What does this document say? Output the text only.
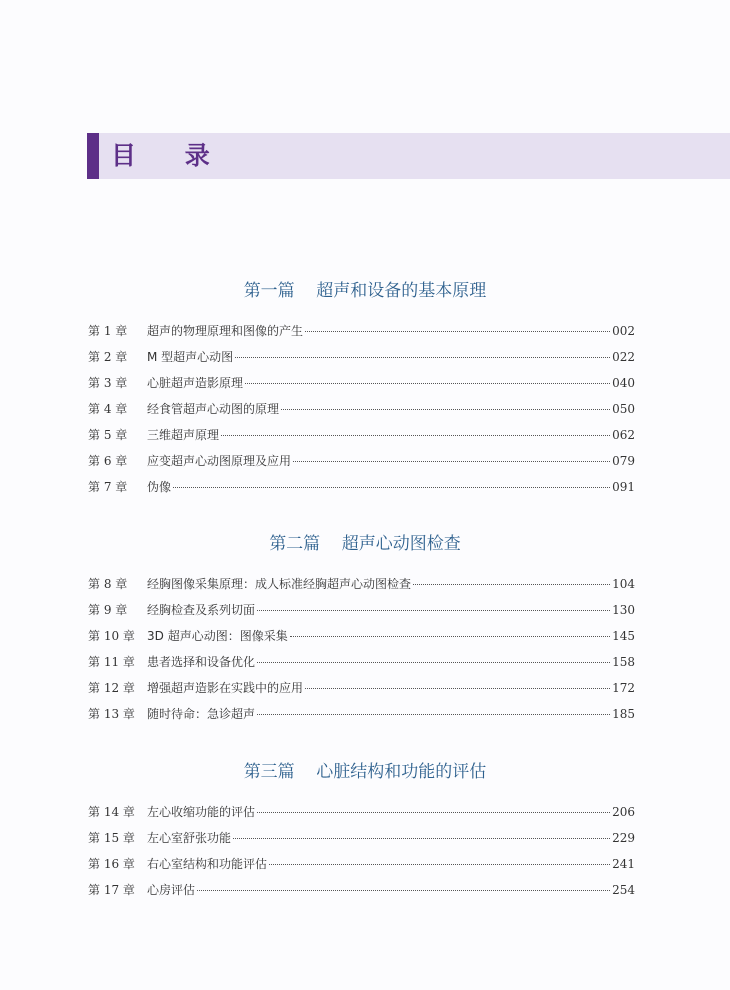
目 录
第一篇    超声和设备的基本原理
第 1 章	超声的物理原理和图像的产生	002
第 2 章	M 型超声心动图	022
第 3 章	心脏超声造影原理	040
第 4 章	经食管超声心动图的原理	050
第 5 章	三维超声原理	062
第 6 章	应变超声心动图原理及应用	079
第 7 章	伪像	091
第二篇    超声心动图检查
第 8 章	经胸图像采集原理：成人标准经胸超声心动图检查	104
第 9 章	经胸检查及系列切面	130
第 10 章	3D 超声心动图：图像采集	145
第 11 章	患者选择和设备优化	158
第 12 章	增强超声造影在实践中的应用	172
第 13 章	随时待命：急诊超声	185
第三篇    心脏结构和功能的评估
第 14 章	左心收缩功能的评估	206
第 15 章	左心室舒张功能	229
第 16 章	右心室结构和功能评估	241
第 17 章	心房评估	254
